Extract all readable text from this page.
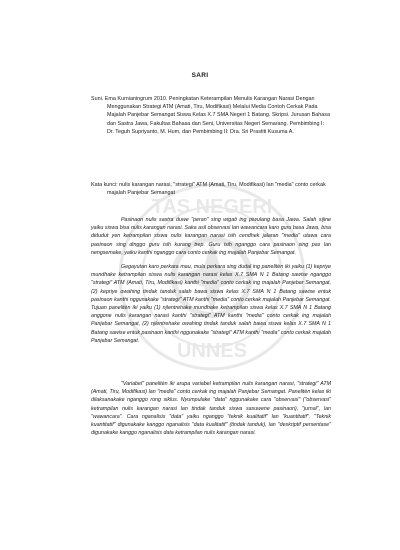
TAS NEGERI
UNNES
SARI

Suni. Ema Kurnianingrum 2010. Peningkatan Keterampilan Menulis Karangan Narasi Dengan Menggunakan Strategi ATM (Amati, Tiru, Modifikasi) Melalui Media Contoh Cerkak Pada Majalah Panjebar Semangat Siswa Kelas X.7 SMA Negeri 1 Batang. Skripsi. Jurusan Bahasa dan Sastra Jawa, Fakultas Bahasa dan Seni, Universitas Negeri Semarang. Pembimbing I: Dr. Teguh Supriyanto, M. Hum, dan Pembimbing II: Dra. Sri Prastiti Kusuma A.

Kata kunci: nulis karangan narasi, "strategi" ATM (Amati, Tiru, Modifikasi) lan "media" conto cerkak majalah Panjebar Semangat

Pasinaon nulis sastra duwe "peran" sing wigati ing piwulang basa Jawa. Salah sijine yaiku siswa bisa nulis karangan narasi. Saka asil observasi lan wawancara karo guru basa Jawa, bisa didudut yen ketrampilan siswa nulis karangan narasi isih cendhek jalaran "media" utawa cara pasinaon sing dinggo guru isih kurang trep. Guru isih nganggo cara pasinaon sing pas lan nengsemake, yaiku kanthi nganggo cara conto cerkak ing majalah Panjebar Semangat.

Gegayutan karo perkara mau, mula perkara sing dudal ing panelitèn iki yaiku (1) kepriye mundhake ketrampilan siswa nulis karangan narasi kelas X.7 SMA N 1 Batang sawise nganggo "strategi" ATM (Amati, Tiru, Modifikasi) kanthi "media" conto cerkak ing majalah Panjebar Semangat, (2) kepriye owahing tindak tanduk salah bawa siswa kelas X.7 SMA N 1 Batang sawise entuk pasinaon kanthi nggunakake "strategi" ATM kanthi "media" conto cerkak majalah Panjebar Semangat. Tujuan panelitèn iki yaiku (1) njlentrehake mundhake ketrampilan siswa kelas X.7 SMA N 1 Batang anggone nulis karangan narasi kanthi "strategi" ATM kanthi "media" conto cerkak ing majalah Panjebar Semangat, (2) njlentrehake owahing tindak tanduk salah bawa siswa kelas X.7 SMA N 1 Batang sawise entuk pasinaon kanthi nggunakake "strategi" ATM kanthi "media" conto cerkak majalah Panjebar Semangat.

"Variabel" panelitèn iki arupa variabel ketrampilan nulis karangan narasi, "strategi" ATM (Amati, Tiru, Modifikasi) lan "media" conto cerkak ing majalah Panjebar Semangat. Panelitèn kelas iki dilaksanakake nganggo rong siklus. Nyumpulake "data" nggunakake cara "observasi" ("observasi" ketrampilan nulis karangan narasi lan tindak tanduk siswa sasuwene pasinaon), "jurnal", lan "wawancara". Cara nganalisis "data" yaiku nganggo "teknik kualitatif" lan "kuantitatif". "Teknik kuantitatif" digunakake kanggo nganalisis "data kualitatif" (tindak tanduk), lan "deskriptif persentase" digunakake kanggo nganalisis data ketrampilan nulis karangan narasi.
